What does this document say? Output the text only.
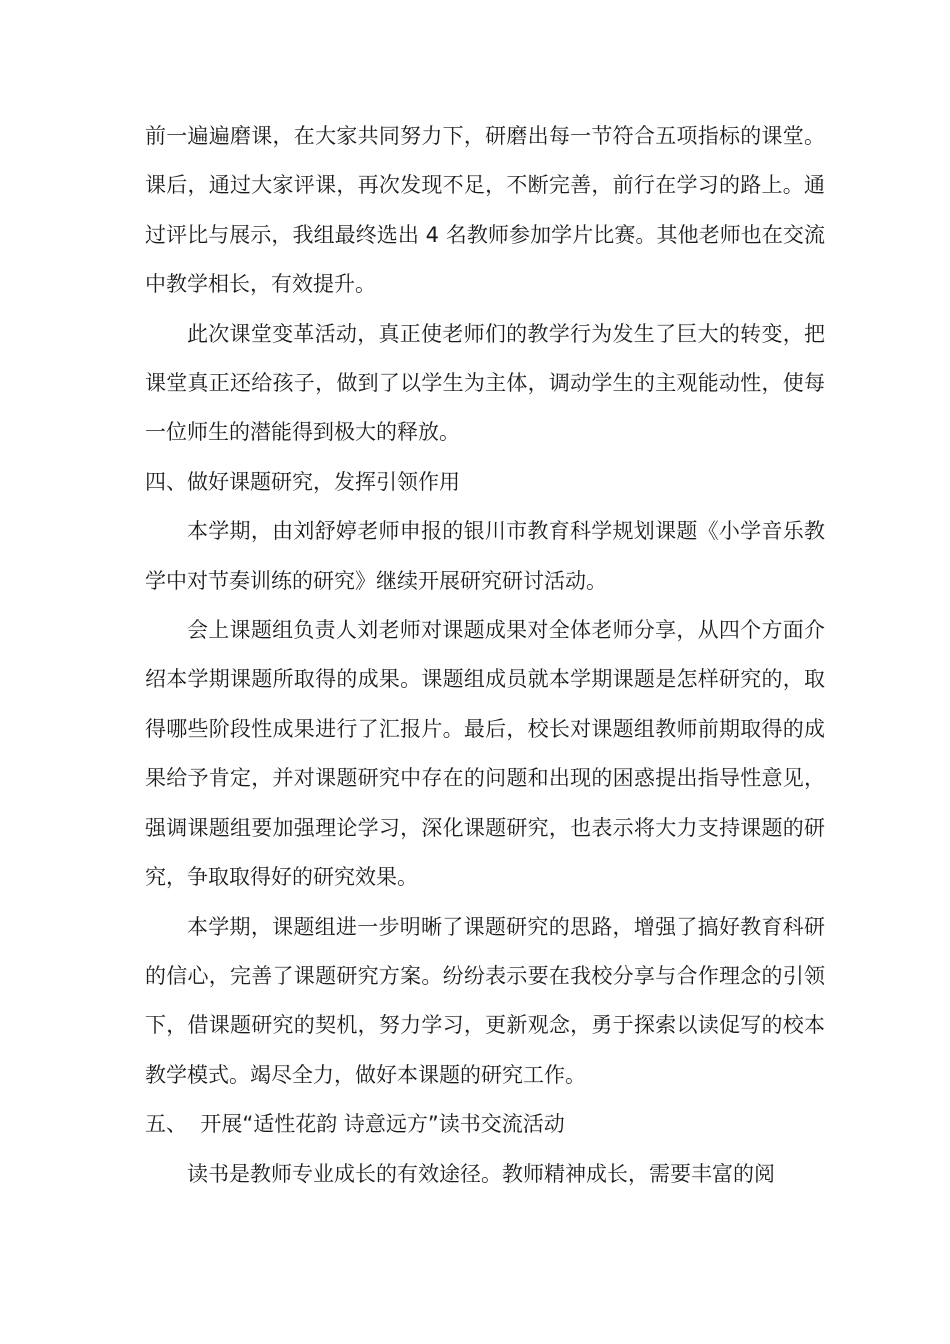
前一遍遍磨课，在大家共同努力下，研磨出每一节符合五项指标的课堂。课后，通过大家评课，再次发现不足，不断完善，前行在学习的路上。通过评比与展示，我组最终选出 4 名教师参加学片比赛。其他老师也在交流中教学相长，有效提升。

此次课堂变革活动，真正使老师们的教学行为发生了巨大的转变，把课堂真正还给孩子，做到了以学生为主体，调动学生的主观能动性，使每一位师生的潜能得到极大的释放。

四、做好课题研究，发挥引领作用

本学期，由刘舒婷老师申报的银川市教育科学规划课题《小学音乐教学中对节奏训练的研究》继续开展研究研讨活动。

会上课题组负责人刘老师对课题成果对全体老师分享，从四个方面介绍本学期课题所取得的成果。课题组成员就本学期课题是怎样研究的，取得哪些阶段性成果进行了汇报片。最后，校长对课题组教师前期取得的成果给予肯定，并对课题研究中存在的问题和出现的困惑提出指导性意见，强调课题组要加强理论学习，深化课题研究，也表示将大力支持课题的研究，争取取得好的研究效果。

本学期，课题组进一步明晰了课题研究的思路，增强了搞好教育科研的信心，完善了课题研究方案。纷纷表示要在我校分享与合作理念的引领下，借课题研究的契机，努力学习，更新观念，勇于探索以读促写的校本教学模式。竭尽全力，做好本课题的研究工作。

五、  开展“适性花韵 诗意远方”读书交流活动

读书是教师专业成长的有效途径。教师精神成长，需要丰富的阅
